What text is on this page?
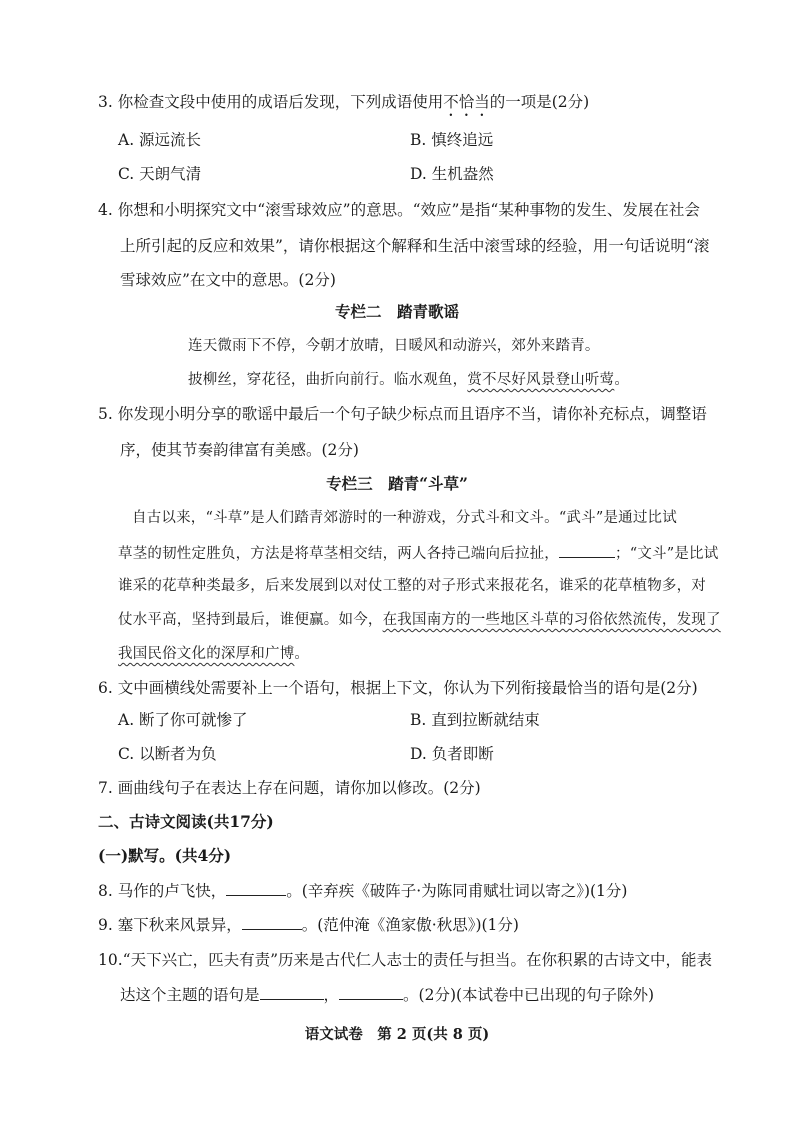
3. 你检查文段中使用的成语后发现，下列成语使用不恰当的一项是(2分)
A. 源远流长	B. 慎终追远
C. 天朗气清	D. 生机盎然
4. 你想和小明探究文中“滚雪球效应”的意思。“效应”是指“某种事物的发生、发展在社会
上所引起的反应和效果”，请你根据这个解释和生活中滚雪球的经验，用一句话说明“滚
雪球效应”在文中的意思。(2分)
专栏二　踏青歌谣
连天微雨下不停，今朝才放晴，日暖风和动游兴，郊外来踏青。
披柳丝，穿花径，曲折向前行。临水观鱼，赏不尽好风景登山听莺。
5. 你发现小明分享的歌谣中最后一个句子缺少标点而且语序不当，请你补充标点，调整语
序，使其节奏韵律富有美感。(2分)
专栏三　踏青“斗草”
自古以来，“斗草”是人们踏青郊游时的一种游戏，分式斗和文斗。“武斗”是通过比试
草茎的韧性定胜负，方法是将草茎相交结，两人各持己端向后拉扯，	；“文斗”是比试
谁采的花草种类最多，后来发展到以对仗工整的对子形式来报花名，谁采的花草植物多，对
仗水平高，坚持到最后，谁便赢。如今，在我国南方的一些地区斗草的习俗依然流传，发现了
我国民俗文化的深厚和广博。
6. 文中画横线处需要补上一个语句，根据上下文，你认为下列衔接最恰当的语句是(2分)
A. 断了你可就惨了	B. 直到拉断就结束
C. 以断者为负	D. 负者即断
7. 画曲线句子在表达上存在问题，请你加以修改。(2分)
二、古诗文阅读(共17分)
(一)默写。(共4分)
8. 马作的卢飞快，	。(辛弃疾《破阵子·为陈同甫赋壮词以寄之》)(1分)
9. 塞下秋来风景异，	。(范仲淹《渔家傲·秋思》)(1分)
10.“天下兴亡，匹夫有责”历来是古代仁人志士的责任与担当。在你积累的古诗文中，能表
达这个主题的语句是	，	。(2分)(本试卷中已出现的句子除外)
语文试卷　第 2 页(共 8 页)
